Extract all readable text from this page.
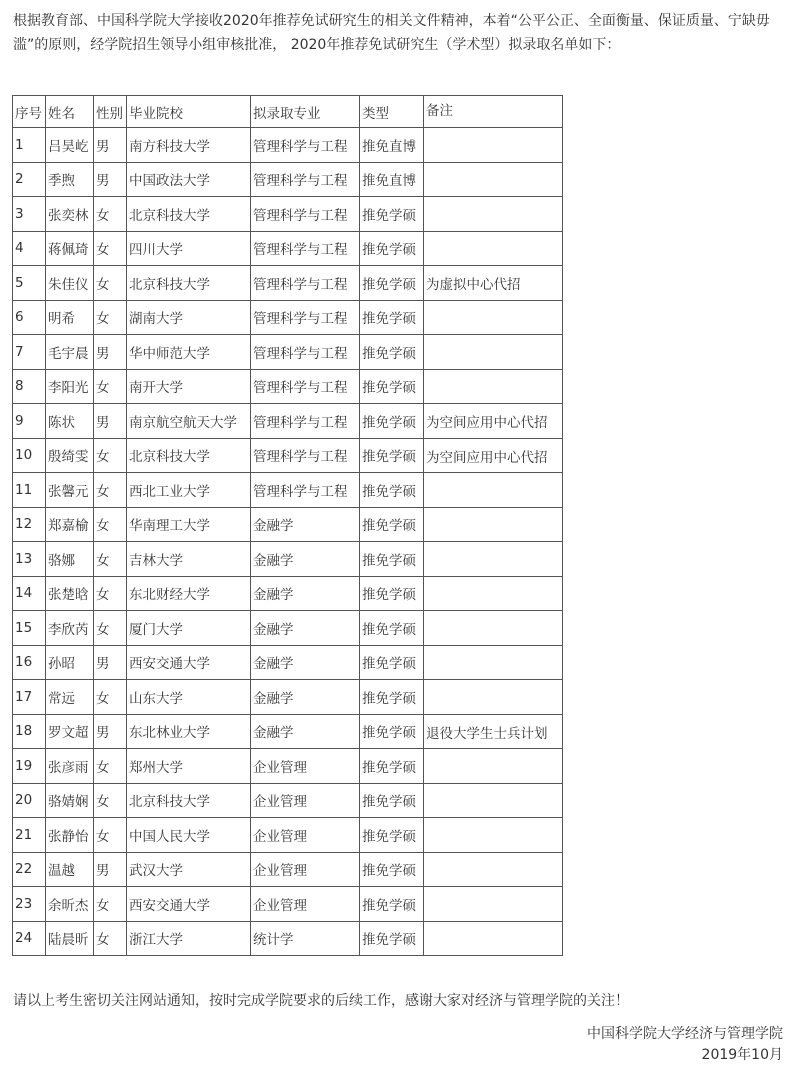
根据教育部、中国科学院大学接收2020年推荐免试研究生的相关文件精神，本着“公平公正、全面衡量、保证质量、宁缺毋滥”的原则，经学院招生领导小组审核批准， 2020年推荐免试研究生（学术型）拟录取名单如下：

序号	姓名	性别	毕业院校	拟录取专业	类型	备注
1	吕昊屹	男	南方科技大学	管理科学与工程	推免直博	
2	季煦	男	中国政法大学	管理科学与工程	推免直博	
3	张奕林	女	北京科技大学	管理科学与工程	推免学硕	
4	蒋佩琦	女	四川大学	管理科学与工程	推免学硕	
5	朱佳仪	女	北京科技大学	管理科学与工程	推免学硕	为虚拟中心代招
6	明希	女	湖南大学	管理科学与工程	推免学硕	
7	毛宇晨	男	华中师范大学	管理科学与工程	推免学硕	
8	李阳光	女	南开大学	管理科学与工程	推免学硕	
9	陈状	男	南京航空航天大学	管理科学与工程	推免学硕	为空间应用中心代招
10	殷绮雯	女	北京科技大学	管理科学与工程	推免学硕	为空间应用中心代招
11	张馨元	女	西北工业大学	管理科学与工程	推免学硕	
12	郑嘉榆	女	华南理工大学	金融学	推免学硕	
13	骆娜	女	吉林大学	金融学	推免学硕	
14	张楚晗	女	东北财经大学	金融学	推免学硕	
15	李欣芮	女	厦门大学	金融学	推免学硕	
16	孙昭	男	西安交通大学	金融学	推免学硕	
17	常远	女	山东大学	金融学	推免学硕	
18	罗文超	男	东北林业大学	金融学	推免学硕	退役大学生士兵计划
19	张彦雨	女	郑州大学	企业管理	推免学硕	
20	骆婧娴	女	北京科技大学	企业管理	推免学硕	
21	张静怡	女	中国人民大学	企业管理	推免学硕	
22	温越	男	武汉大学	企业管理	推免学硕	
23	余昕杰	女	西安交通大学	企业管理	推免学硕	
24	陆晨昕	女	浙江大学	统计学	推免学硕	

请以上考生密切关注网站通知，按时完成学院要求的后续工作，感谢大家对经济与管理学院的关注！

中国科学院大学经济与管理学院
2019年10月
